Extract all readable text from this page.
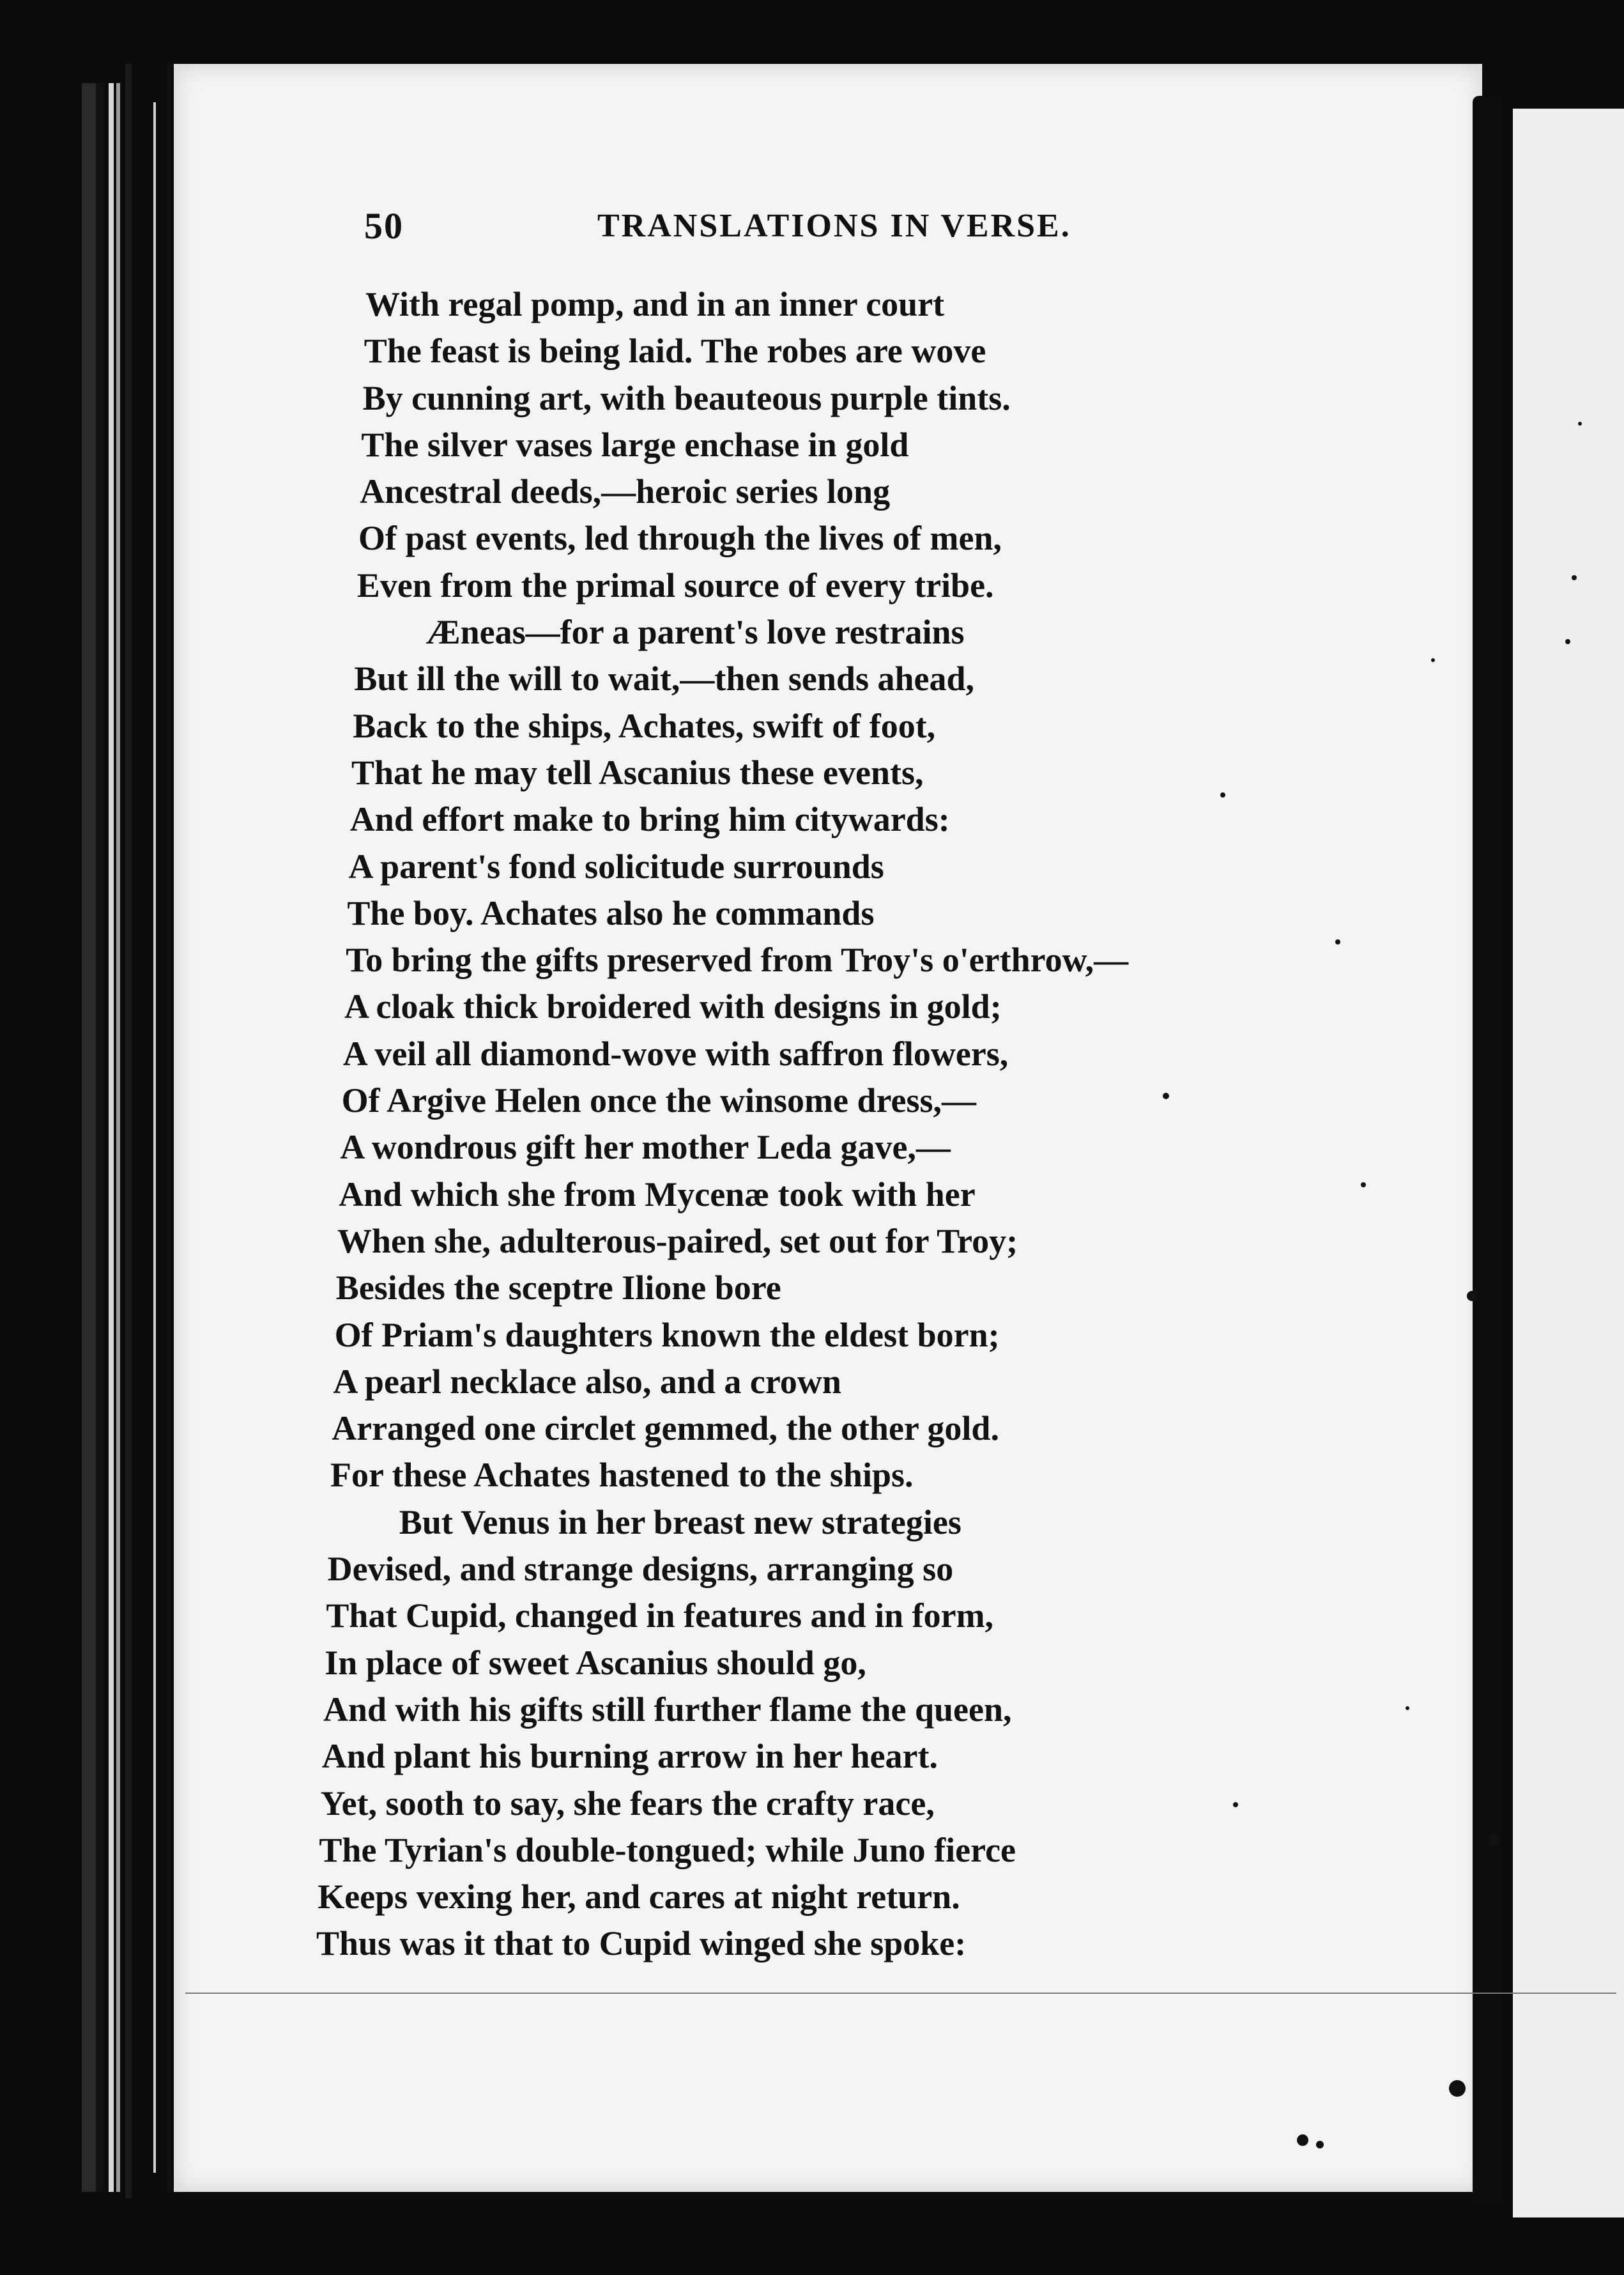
50	TRANSLATIONS IN VERSE.
With regal pomp, and in an inner court
The feast is being laid. The robes are wove
By cunning art, with beauteous purple tints.
The silver vases large enchase in gold
Ancestral deeds,—heroic series long
Of past events, led through the lives of men,
Even from the primal source of every tribe.
Æneas—for a parent's love restrains
But ill the will to wait,—then sends ahead,
Back to the ships, Achates, swift of foot,
That he may tell Ascanius these events,
And effort make to bring him citywards:
A parent's fond solicitude surrounds
The boy. Achates also he commands
To bring the gifts preserved from Troy's o'erthrow,—
A cloak thick broidered with designs in gold;
A veil all diamond-wove with saffron flowers,
Of Argive Helen once the winsome dress,—
A wondrous gift her mother Leda gave,—
And which she from Mycenæ took with her
When she, adulterous-paired, set out for Troy;
Besides the sceptre Ilione bore
Of Priam's daughters known the eldest born;
A pearl necklace also, and a crown
Arranged one circlet gemmed, the other gold.
For these Achates hastened to the ships.
But Venus in her breast new strategies
Devised, and strange designs, arranging so
That Cupid, changed in features and in form,
In place of sweet Ascanius should go,
And with his gifts still further flame the queen,
And plant his burning arrow in her heart.
Yet, sooth to say, she fears the crafty race,
The Tyrian's double-tongued; while Juno fierce
Keeps vexing her, and cares at night return.
Thus was it that to Cupid winged she spoke:
